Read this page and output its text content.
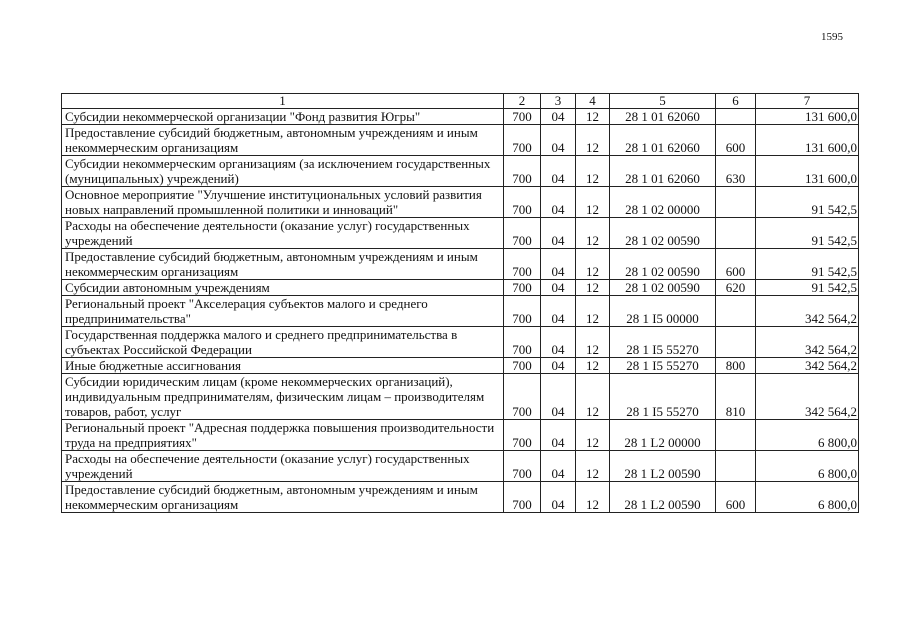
1595
1	2	3	4	5	6	7
Субсидии некоммерческой организации "Фонд развития Югры"	700	04	12	28 1 01 62060		131 600,0
Предоставление субсидий бюджетным, автономным учреждениям и иным некоммерческим организациям	700	04	12	28 1 01 62060	600	131 600,0
Субсидии некоммерческим организациям (за исключением государственных (муниципальных) учреждений)	700	04	12	28 1 01 62060	630	131 600,0
Основное мероприятие "Улучшение институциональных условий развития новых направлений промышленной политики и инноваций"	700	04	12	28 1 02 00000		91 542,5
Расходы на обеспечение деятельности (оказание услуг) государственных учреждений	700	04	12	28 1 02 00590		91 542,5
Предоставление субсидий бюджетным, автономным учреждениям и иным некоммерческим организациям	700	04	12	28 1 02 00590	600	91 542,5
Субсидии автономным учреждениям	700	04	12	28 1 02 00590	620	91 542,5
Региональный проект "Акселерация субъектов малого и среднего предпринимательства"	700	04	12	28 1 I5 00000		342 564,2
Государственная поддержка малого и среднего предпринимательства в субъектах Российской Федерации	700	04	12	28 1 I5 55270		342 564,2
Иные бюджетные ассигнования	700	04	12	28 1 I5 55270	800	342 564,2
Субсидии юридическим лицам (кроме некоммерческих организаций), индивидуальным предпринимателям, физическим лицам – производителям товаров, работ, услуг	700	04	12	28 1 I5 55270	810	342 564,2
Региональный проект "Адресная поддержка повышения производительности труда на предприятиях"	700	04	12	28 1 L2 00000		6 800,0
Расходы на обеспечение деятельности (оказание услуг) государственных учреждений	700	04	12	28 1 L2 00590		6 800,0
Предоставление субсидий бюджетным, автономным учреждениям и иным некоммерческим организациям	700	04	12	28 1 L2 00590	600	6 800,0
